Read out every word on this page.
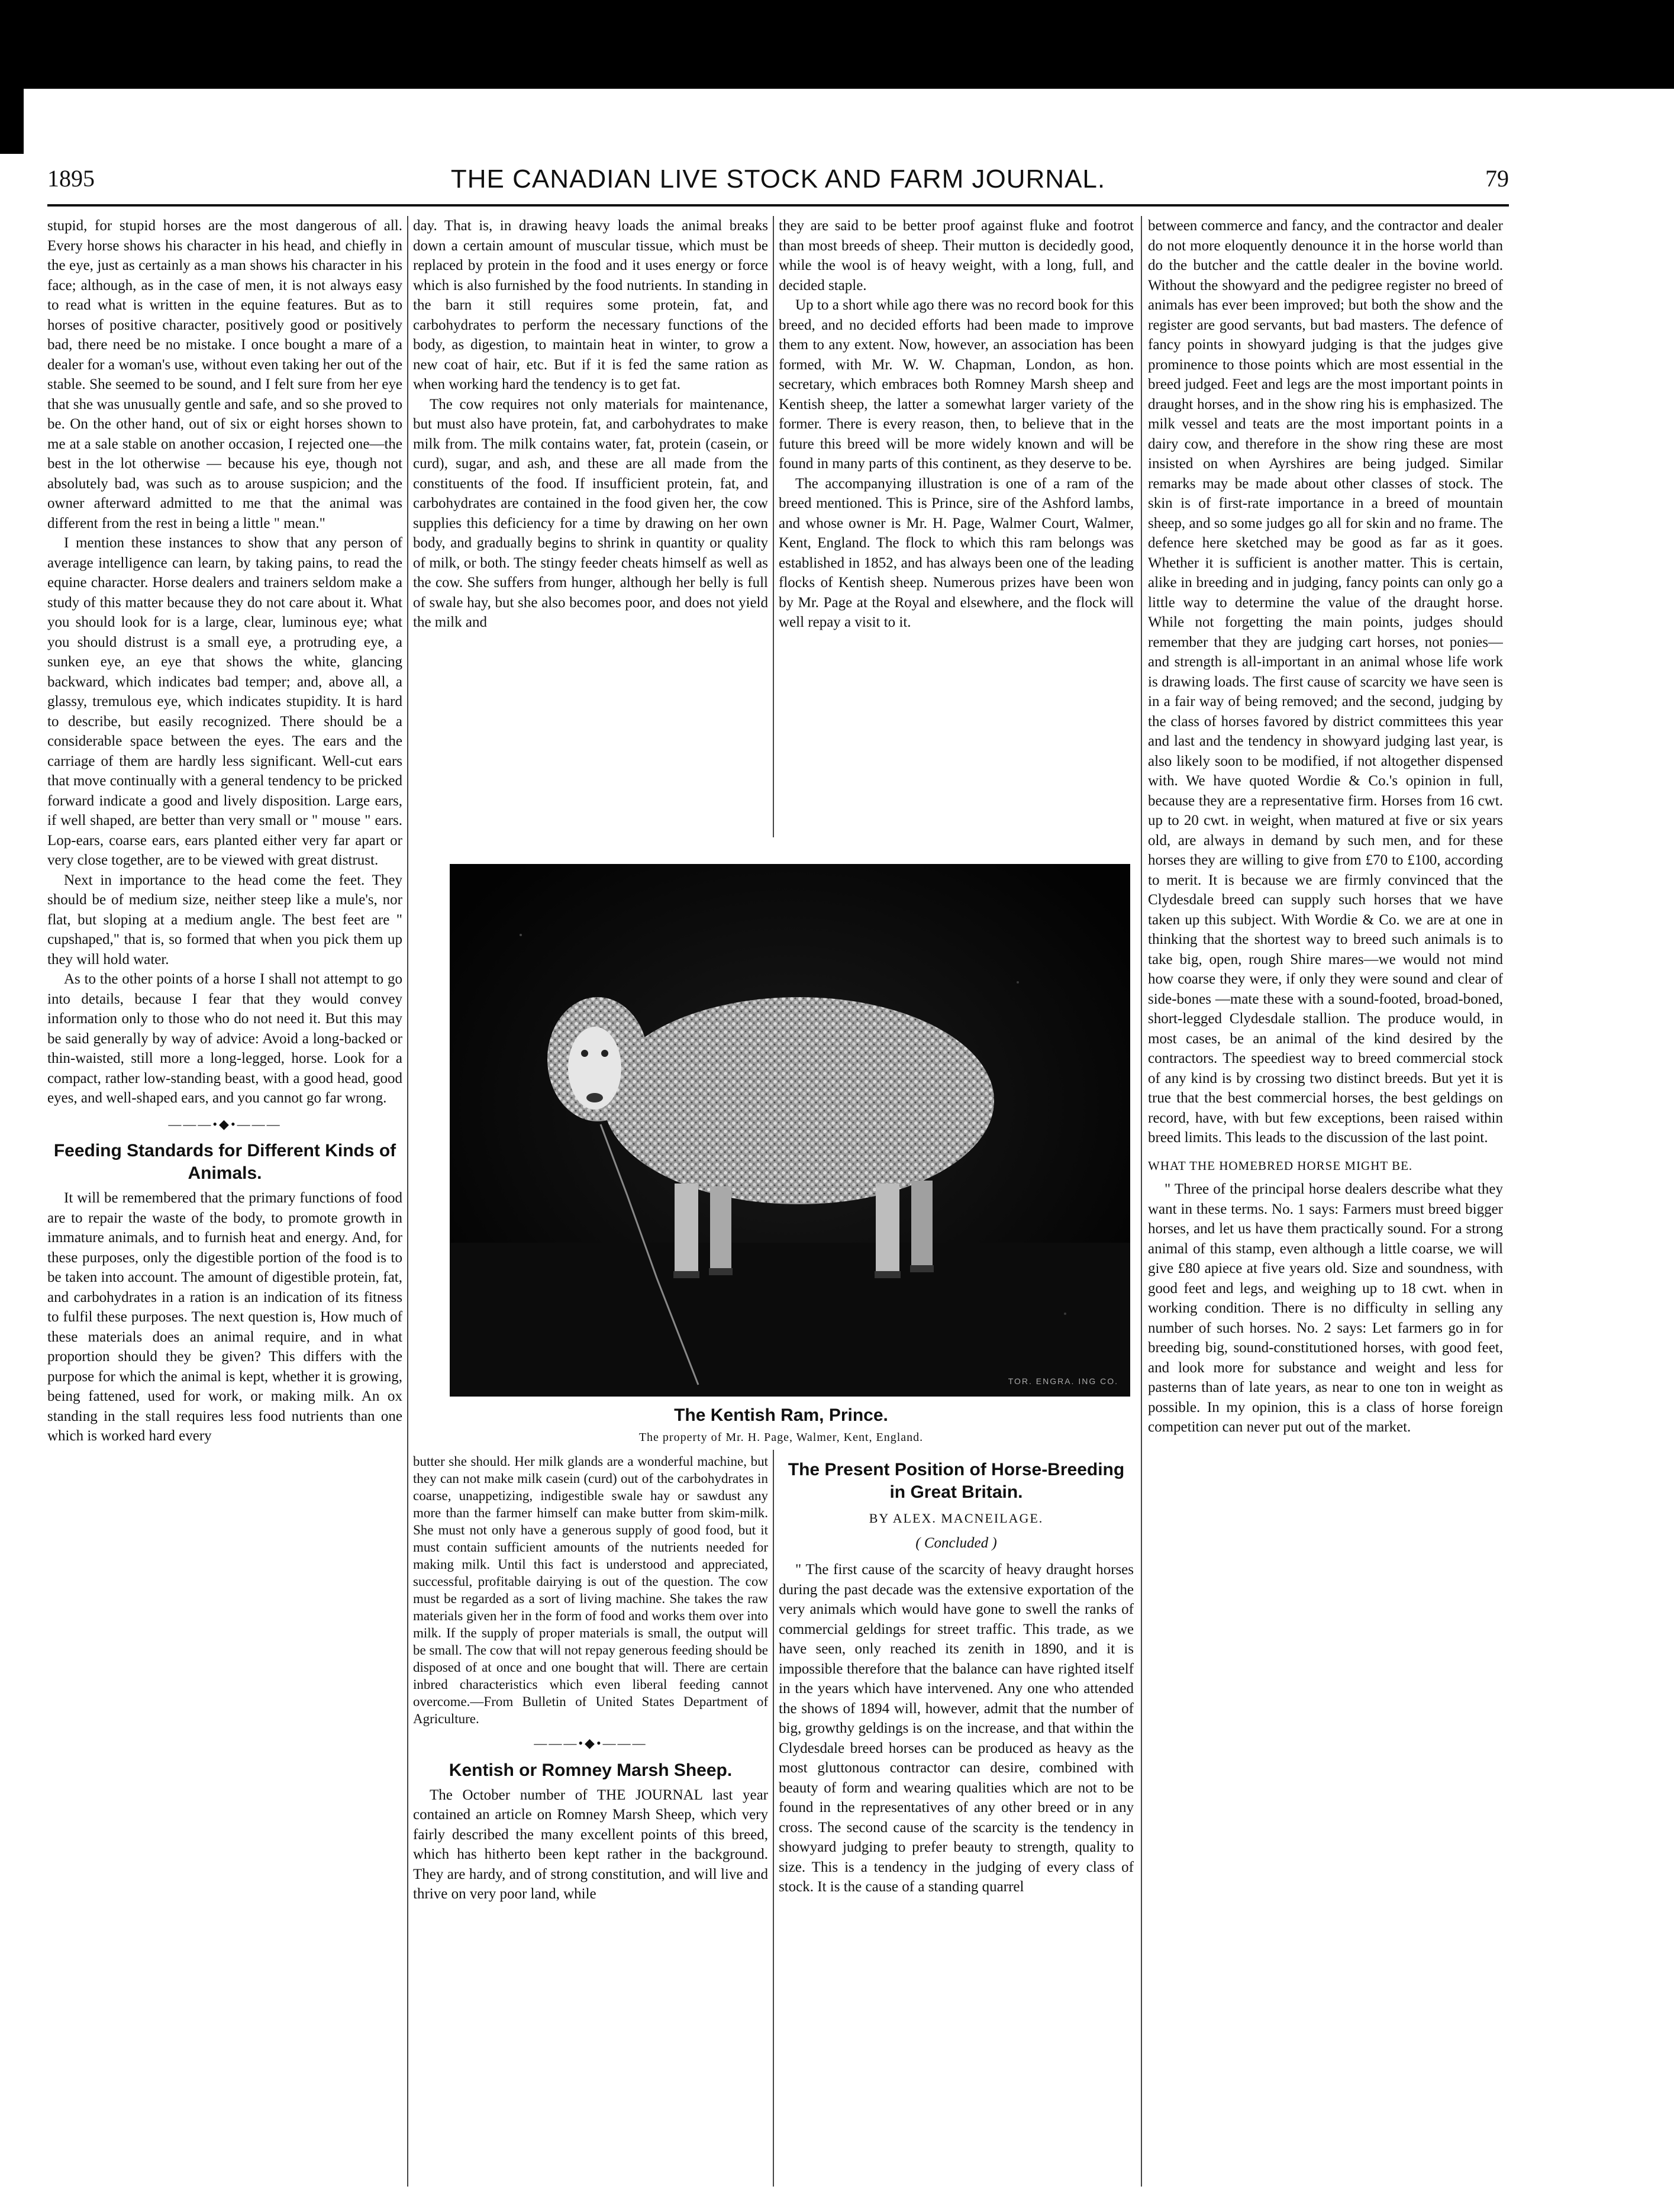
1895	THE CANADIAN LIVE STOCK AND FARM JOURNAL.	79

stupid, for stupid horses are the most dangerous of all. Every horse shows his character in his head, and chiefly in the eye, just as certainly as a man shows his character in his face; although, as in the case of men, it is not always easy to read what is written in the equine features. But as to horses of positive character, positively good or positively bad, there need be no mistake. I once bought a mare of a dealer for a woman's use, without even taking her out of the stable. She seemed to be sound, and I felt sure from her eye that she was unusually gentle and safe, and so she proved to be. On the other hand, out of six or eight horses shown to me at a sale stable on another occasion, I rejected one—the best in the lot otherwise — because his eye, though not absolutely bad, was such as to arouse suspicion; and the owner afterward admitted to me that the animal was different from the rest in being a little " mean."

I mention these instances to show that any person of average intelligence can learn, by taking pains, to read the equine character. Horse dealers and trainers seldom make a study of this matter because they do not care about it. What you should look for is a large, clear, luminous eye; what you should distrust is a small eye, a protruding eye, a sunken eye, an eye that shows the white, glancing backward, which indicates bad temper; and, above all, a glassy, tremulous eye, which indicates stupidity. It is hard to describe, but easily recognized. There should be a considerable space between the eyes. The ears and the carriage of them are hardly less significant. Well-cut ears that move continually with a general tendency to be pricked forward indicate a good and lively disposition. Large ears, if well shaped, are better than very small or " mouse " ears. Lop-ears, coarse ears, ears planted either very far apart or very close together, are to be viewed with great distrust.

Next in importance to the head come the feet. They should be of medium size, neither steep like a mule's, nor flat, but sloping at a medium angle. The best feet are " cupshaped," that is, so formed that when you pick them up they will hold water.

As to the other points of a horse I shall not attempt to go into details, because I fear that they would convey information only to those who do not need it. But this may be said generally by way of advice: Avoid a long-backed or thin-waisted, still more a long-legged, horse. Look for a compact, rather low-standing beast, with a good head, good eyes, and well-shaped ears, and you cannot go far wrong.

———•◆•———
Feeding Standards for Different Kinds of Animals.

It will be remembered that the primary functions of food are to repair the waste of the body, to promote growth in immature animals, and to furnish heat and energy. And, for these purposes, only the digestible portion of the food is to be taken into account. The amount of digestible protein, fat, and carbohydrates in a ration is an indication of its fitness to fulfil these purposes. The next question is, How much of these materials does an animal require, and in what proportion should they be given? This differs with the purpose for which the animal is kept, whether it is growing, being fattened, used for work, or making milk. An ox standing in the stall requires less food nutrients than one which is worked hard every

day. That is, in drawing heavy loads the animal breaks down a certain amount of muscular tissue, which must be replaced by protein in the food and it uses energy or force which is also furnished by the food nutrients. In standing in the barn it still requires some protein, fat, and carbohydrates to perform the necessary functions of the body, as digestion, to maintain heat in winter, to grow a new coat of hair, etc. But if it is fed the same ration as when working hard the tendency is to get fat.

The cow requires not only materials for maintenance, but must also have protein, fat, and carbohydrates to make milk from. The milk contains water, fat, protein (casein, or curd), sugar, and ash, and these are all made from the constituents of the food. If insufficient protein, fat, and carbohydrates are contained in the food given her, the cow supplies this deficiency for a time by drawing on her own body, and gradually begins to shrink in quantity or quality of milk, or both. The stingy feeder cheats himself as well as the cow. She suffers from hunger, although her belly is full of swale hay, but she also becomes poor, and does not yield the milk and

they are said to be better proof against fluke and footrot than most breeds of sheep. Their mutton is decidedly good, while the wool is of heavy weight, with a long, full, and decided staple.

Up to a short while ago there was no record book for this breed, and no decided efforts had been made to improve them to any extent. Now, however, an association has been formed, with Mr. W. W. Chapman, London, as hon. secretary, which embraces both Romney Marsh sheep and Kentish sheep, the latter a somewhat larger variety of the former. There is every reason, then, to believe that in the future this breed will be more widely known and will be found in many parts of this continent, as they deserve to be.

The accompanying illustration is one of a ram of the breed mentioned. This is Prince, sire of the Ashford lambs, and whose owner is Mr. H. Page, Walmer Court, Walmer, Kent, England. The flock to which this ram belongs was established in 1852, and has always been one of the leading flocks of Kentish sheep. Numerous prizes have been won by Mr. Page at the Royal and elsewhere, and the flock will well repay a visit to it.

TOR. ENGRA. ING CO.
The Kentish Ram, Prince.
The property of Mr. H. Page, Walmer, Kent, England.

butter she should. Her milk glands are a wonderful machine, but they can not make milk casein (curd) out of the carbohydrates in coarse, unappetizing, indigestible swale hay or sawdust any more than the farmer himself can make butter from skim-milk. She must not only have a generous supply of good food, but it must contain sufficient amounts of the nutrients needed for making milk. Until this fact is understood and appreciated, successful, profitable dairying is out of the question. The cow must be regarded as a sort of living machine. She takes the raw materials given her in the form of food and works them over into milk. If the supply of proper materials is small, the output will be small. The cow that will not repay generous feeding should be disposed of at once and one bought that will. There are certain inbred characteristics which even liberal feeding cannot overcome.—From Bulletin of United States Department of Agriculture.

———•◆•———
Kentish or Romney Marsh Sheep.

The October number of THE JOURNAL last year contained an article on Romney Marsh Sheep, which very fairly described the many excellent points of this breed, which has hitherto been kept rather in the background. They are hardy, and of strong constitution, and will live and thrive on very poor land, while

The Present Position of Horse-Breeding in Great Britain.
BY ALEX. MACNEILAGE.
( Concluded )

" The first cause of the scarcity of heavy draught horses during the past decade was the extensive exportation of the very animals which would have gone to swell the ranks of commercial geldings for street traffic. This trade, as we have seen, only reached its zenith in 1890, and it is impossible therefore that the balance can have righted itself in the years which have intervened. Any one who attended the shows of 1894 will, however, admit that the number of big, growthy geldings is on the increase, and that within the Clydesdale breed horses can be produced as heavy as the most gluttonous contractor can desire, combined with beauty of form and wearing qualities which are not to be found in the representatives of any other breed or in any cross. The second cause of the scarcity is the tendency in showyard judging to prefer beauty to strength, quality to size. This is a tendency in the judging of every class of stock. It is the cause of a standing quarrel

between commerce and fancy, and the contractor and dealer do not more eloquently denounce it in the horse world than do the butcher and the cattle dealer in the bovine world. Without the showyard and the pedigree register no breed of animals has ever been improved; but both the show and the register are good servants, but bad masters. The defence of fancy points in showyard judging is that the judges give prominence to those points which are most essential in the breed judged. Feet and legs are the most important points in draught horses, and in the show ring his is emphasized. The milk vessel and teats are the most important points in a dairy cow, and therefore in the show ring these are most insisted on when Ayrshires are being judged. Similar remarks may be made about other classes of stock. The skin is of first-rate importance in a breed of mountain sheep, and so some judges go all for skin and no frame. The defence here sketched may be good as far as it goes. Whether it is sufficient is another matter. This is certain, alike in breeding and in judging, fancy points can only go a little way to determine the value of the draught horse. While not forgetting the main points, judges should remember that they are judging cart horses, not ponies—and strength is all-important in an animal whose life work is drawing loads. The first cause of scarcity we have seen is in a fair way of being removed; and the second, judging by the class of horses favored by district committees this year and last and the tendency in showyard judging last year, is also likely soon to be modified, if not altogether dispensed with. We have quoted Wordie & Co.'s opinion in full, because they are a representative firm. Horses from 16 cwt. up to 20 cwt. in weight, when matured at five or six years old, are always in demand by such men, and for these horses they are willing to give from £70 to £100, according to merit. It is because we are firmly convinced that the Clydesdale breed can supply such horses that we have taken up this subject. With Wordie & Co. we are at one in thinking that the shortest way to breed such animals is to take big, open, rough Shire mares—we would not mind how coarse they were, if only they were sound and clear of side-bones —mate these with a sound-footed, broad-boned, short-legged Clydesdale stallion. The produce would, in most cases, be an animal of the kind desired by the contractors. The speediest way to breed commercial stock of any kind is by crossing two distinct breeds. But yet it is true that the best commercial horses, the best geldings on record, have, with but few exceptions, been raised within breed limits. This leads to the discussion of the last point.

WHAT THE HOMEBRED HORSE MIGHT BE.

" Three of the principal horse dealers describe what they want in these terms. No. 1 says: Farmers must breed bigger horses, and let us have them practically sound. For a strong animal of this stamp, even although a little coarse, we will give £80 apiece at five years old. Size and soundness, with good feet and legs, and weighing up to 18 cwt. when in working condition. There is no difficulty in selling any number of such horses. No. 2 says: Let farmers go in for breeding big, sound-constitutioned horses, with good feet, and look more for substance and weight and less for pasterns than of late years, as near to one ton in weight as possible. In my opinion, this is a class of horse foreign competition can never put out of the market.
